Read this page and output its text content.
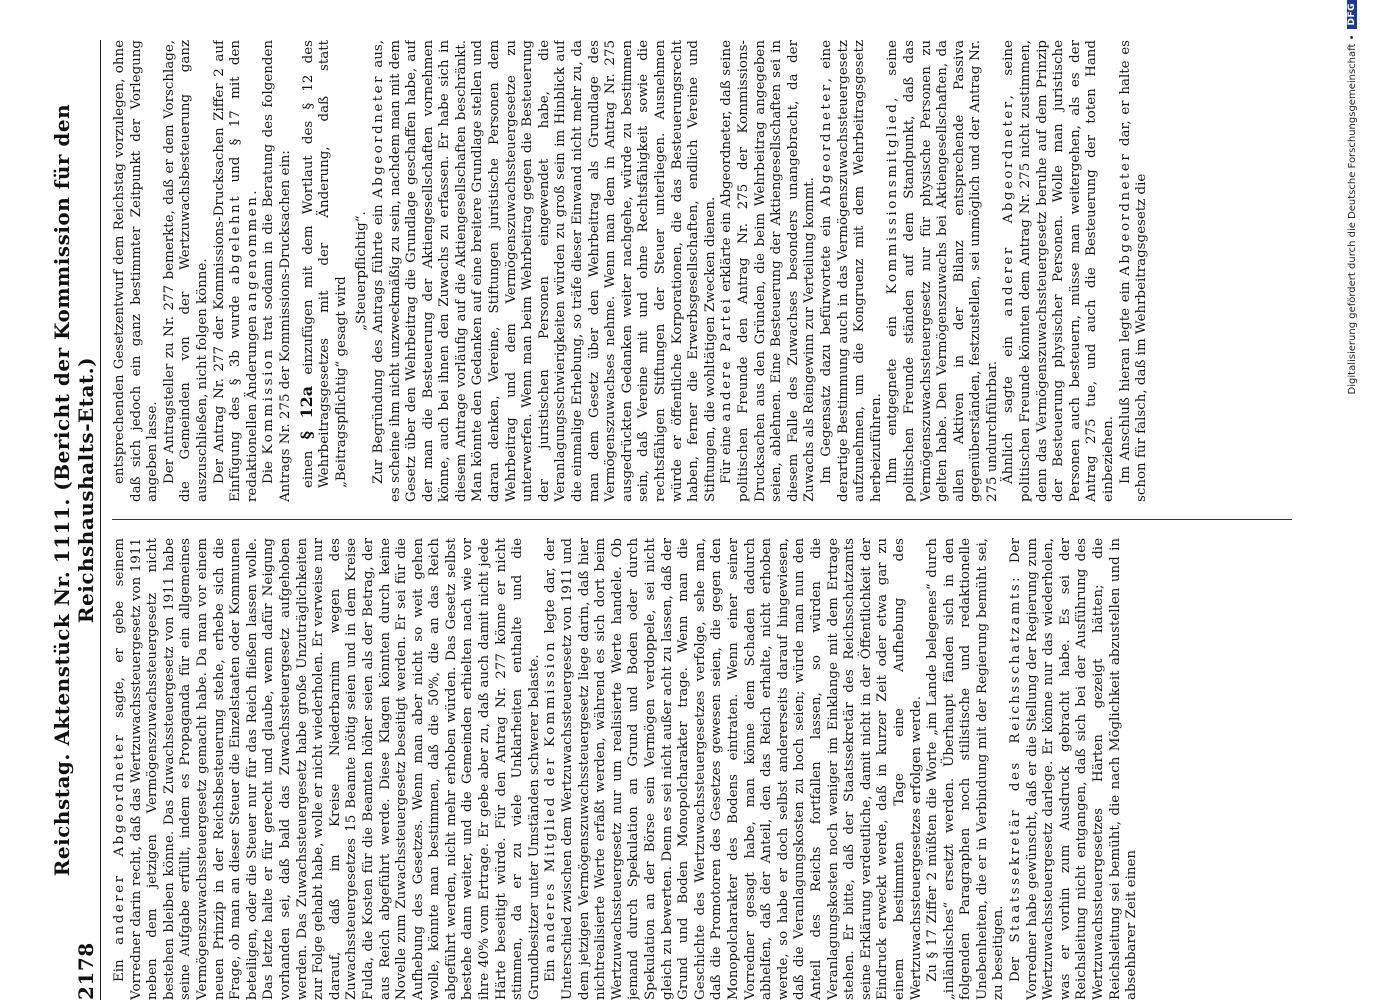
2178
Reichstag. Aktenstück Nr. 1111. (Bericht der Kommission für den Reichshaushalts-Etat.)

Ein anderer Abgeordneter sagte, er gebe seinem Vorredner darin recht, daß das Wertzuwachssteuergesetz von 1911 neben dem jetzigen Vermögenszuwachssteuergesetz nicht bestehen bleiben könne. Das Zuwachssteuergesetz von 1911 habe seine Aufgabe erfüllt, indem es Propaganda für ein allgemeines Vermögenszuwachssteuergesetz gemacht habe. Da man vor einem neuen Prinzip in der Reichsbesteuerung stehe, erhebe sich die Frage, ob man an dieser Steuer die Einzelstaaten oder Kommunen beteiligen, oder die Steuer nur für das Reich fließen lassen wolle. Das letzte halte er für gerecht und glaube, wenn dafür Neigung vorhanden sei, daß bald das Zuwachssteuergesetz aufgehoben werden. Das Zuwachssteuergesetz habe große Unzuträglichkeiten zur Folge gehabt habe, wolle er nicht wiederholen. Er verweise nur darauf, daß im Kreise Niederbarnim wegen des Zuwachssteuergesetzes 15 Beamte nötig seien und in dem Kreise Fulda, die Kosten für die Beamten höher seien als der Betrag, der aus Reich abgeführt werde. Diese Klagen könnten durch keine Novelle zum Zuwachssteuergesetz beseitigt werden. Er sei für die Aufhebung des Gesetzes. Wenn man aber nicht so weit gehen wolle, könnte man bestimmen, daß die 50%, die an das Reich abgeführt werden, nicht mehr erhoben würden. Das Gesetz selbst bestehe dann weiter, und die Gemeinden erhielten nach wie vor ihre 40% vom Ertrage. Er gebe aber zu, daß auch damit nicht jede Härte beseitigt würde. Für den Antrag Nr. 277 könne er nicht stimmen, da er zu viele Unklarheiten enthalte und die Grundbesitzer unter Umständen schwerer belaste. Ein anderes Mitglied der Kommission legte dar, der Unterschied zwischen dem Wertzuwachssteuergesetz von 1911 und dem jetzigen Vermögenszuwachssteuergesetz liege darin, daß hier nichtrealisierte Werte erfaßt werden, während es sich dort beim Wertzuwachssteuergesetz nur um realisierte Werte handele. Ob jemand durch Spekulation an Grund und Boden oder durch Spekulation an der Börse sein Vermögen verdoppele, sei nicht gleich zu bewerten. Denn es sei nicht außer acht zu lassen, daß der Grund und Boden Monopolcharakter trage. Wenn man die Geschichte des Wertzuwachssteuergesetzes verfolge, sehe man, daß die Promotoren des Gesetzes gewesen seien, die gegen den Monopolcharakter des Bodens eintraten. Wenn einer seiner Vorredner gesagt habe, man könne dem Schaden dadurch abhelfen, daß der Anteil, den das Reich erhalte, nicht erhoben werde, so habe er doch selbst andererseits darauf hingewiesen, daß die Veranlagungskosten zu hoch seien; würde man nun den Anteil des Reichs fortfallen lassen, so würden die Veranlagungskosten noch weniger im Einklange mit dem Ertrage stehen. Er bitte, daß der Staatssekretär des Reichsschatzamts seine Erklärung verdeutliche, damit nicht in der Öffentlichkeit der Eindruck erweckt werde, daß in kurzer Zeit oder etwa gar zu einem bestimmten Tage eine Aufhebung des Wertzuwachssteuergesetzes erfolgen werde. Zu § 17 Ziffer 2 müßten die Worte „im Lande belegenes“ durch „inländisches“ ersetzt werden. Überhaupt fänden sich in den folgenden Paragraphen noch stilistische und redaktionelle Unebenheiten, die er in Verbindung mit der Regierung bemüht sei, zu beseitigen. Der Staatssekretär des Reichsschatzamts: Der Vorredner habe gewünscht, daß er die Stellung der Regierung zum Wertzuwachssteuergesetz darlege. Er könne nur das wiederholen, was er vorhin zum Ausdruck gebracht habe. Es sei der Reichsleitung nicht entgangen, daß sich bei der Ausführung des Wertzuwachssteuergesetzes Härten gezeigt hätten; die Reichsleitung sei bemüht, die nach Möglichkeit abzustellen und in absehbarer Zeit einen

entsprechenden Gesetzentwurf dem Reichstag vorzulegen, ohne daß sich jedoch ein ganz bestimmter Zeitpunkt der Vorlegung angeben lasse. Der Antragsteller zu Nr. 277 bemerkte, daß er dem Vorschlage, die Gemeinden von der Wertzuwachsbesteuerung ganz auszuschließen, nicht folgen könne. Der Antrag Nr. 277 der Kommissions-Drucksachen Ziffer 2 auf Einfügung des § 3b wurde abgelehnt und § 17 mit den redaktionellen Änderungen angenommen.

Die Kommission trat sodann in die Beratung des folgenden Antrags Nr. 275 der Kommissions-Drucksachen ein: einen § 12a einzufügen mit dem Wortlaut des § 12 des Wehrbeitragsgesetzes mit der Änderung, daß statt „Beitragspflichtig“ gesagt wird

„Steuerpflichtig“. Zur Begründung des Antrags führte ein Abgeordneter aus, es scheine ihm nicht unzweckmäßig zu sein, nachdem man mit dem Gesetz über den Wehrbeitrag die Grundlage geschaffen habe, auf der man die Besteuerung der Aktiengesellschaften vornehmen könne, auch bei ihnen den Zuwachs zu erfassen. Er habe sich in diesem Antrage vorläufig auf die Aktiengesellschaften beschränkt. Man könnte den Gedanken auf eine breitere Grundlage stellen und daran denken, Vereine, Stiftungen juristische Personen dem Wehrbeitrag und dem Vermögenszuwachssteuergesetze zu unterwerfen. Wenn man beim Wehrbeitrag gegen die Besteuerung der juristischen Personen eingewendet habe, die Veranlagungsschwierigkeiten würden zu groß sein im Hinblick auf die einmalige Erhebung, so träfe dieser Einwand nicht mehr zu, da man dem Gesetz über den Wehrbeitrag als Grundlage des Vermögenszuwachses nehme. Wenn man dem in Antrag Nr. 275 ausgedrückten Gedanken weiter nachgehe, würde zu bestimmen sein, daß Vereine mit und ohne Rechtsfähigkeit sowie die rechtsfähigen Stiftungen der Steuer unterliegen. Ausnehmen würde er öffentliche Korporationen, die das Besteuerungsrecht haben, ferner die Erwerbsgesellschaften, endlich Vereine und Stiftungen, die wohltätigen Zwecken dienen. Für eine andere Partei erklärte ein Abgeordneter, daß seine politischen Freunde den Antrag Nr. 275 der Kommissions-Drucksachen aus den Gründen, die beim Wehrbeitrag angegeben seien, ablehnen. Eine Besteuerung der Aktiengesellschaften sei in diesem Falle des Zuwachses besonders unangebracht, da der Zuwachs als Reingewinn zur Verteilung kommt. Im Gegensatz dazu befürwortete ein Abgeordneter, eine derartige Bestimmung auch in das Vermögenszuwachssteuergesetz aufzunehmen, um die Kongruenz mit dem Wehrbeitragsgesetz herbeizuführen. Ihm entgegnete ein Kommissionsmitglied, seine politischen Freunde ständen auf dem Standpunkt, daß das Vermögenszuwachssteuergesetz nur für physische Personen zu gelten habe. Den Vermögenszuwachs bei Aktiengesellschaften, da allen Aktiven in der Bilanz entsprechende Passiva gegenüberständen, festzustellen, sei unmöglich und der Antrag Nr. 275 undurchführbar. Ähnlich sagte ein anderer Abgeordneter, seine politischen Freunde könnten dem Antrag Nr. 275 nicht zustimmen, denn das Vermögenszuwachssteuergesetz beruhe auf dem Prinzip der Besteuerung physischer Personen. Wolle man juristische Personen auch besteuern, müsse man weitergehen, als es der Antrag 275 tue, und auch die Besteuerung der toten Hand einbeziehen. Im Anschluß hieran legte ein Abgeordneter dar, er halte es schon für falsch, daß im Wehrbeitragsgesetz die	Digitalisierung gefördert durch die Deutsche Forschungsgemeinschaft •
DFG
